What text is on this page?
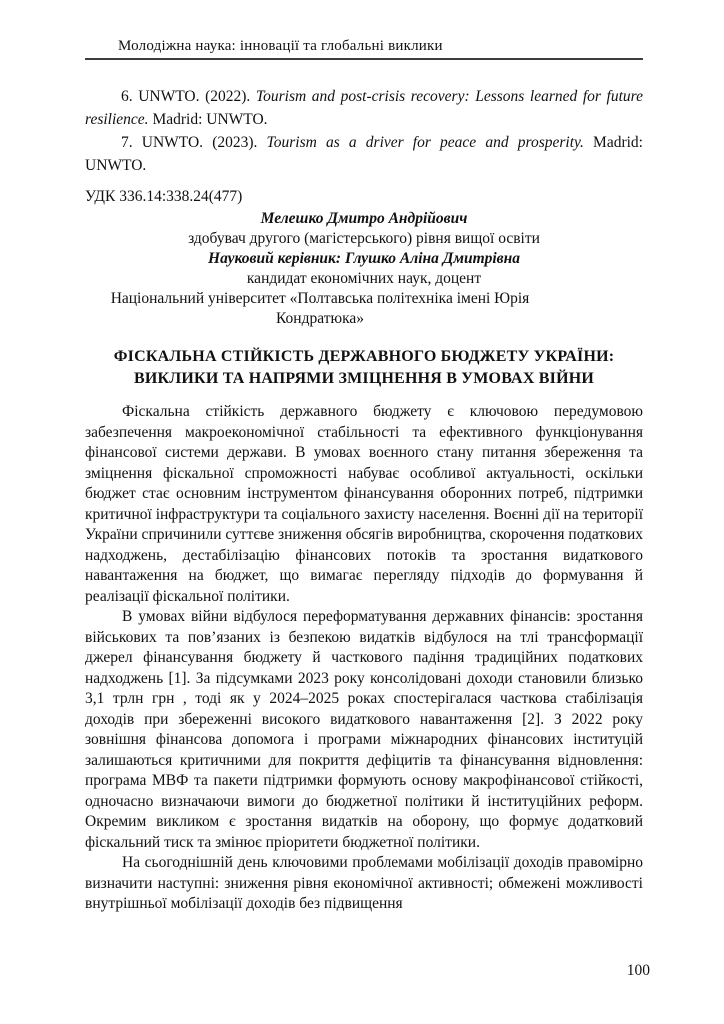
Молодіжна наука: інновації та глобальні виклики

6. UNWTO. (2022). Tourism and post-crisis recovery: Lessons learned for future resilience. Madrid: UNWTO.

7. UNWTO. (2023). Tourism as a driver for peace and prosperity. Madrid: UNWTO.

УДК 336.14:338.24(477)

Мелешко Дмитро Андрійович

здобувач другого (магістерського) рівня вищої освіти

Науковий керівник: Глушко Аліна Дмитрівна

кандидат економічних наук, доцент

Національний університет «Полтавська політехніка імені Юрія Кондратюка»

ФІСКАЛЬНА СТІЙКІСТЬ ДЕРЖАВНОГО БЮДЖЕТУ УКРАЇНИ: ВИКЛИКИ ТА НАПРЯМИ ЗМІЦНЕННЯ В УМОВАХ ВІЙНИ

Фіскальна стійкість державного бюджету є ключовою передумовою забезпечення макроекономічної стабільності та ефективного функціонування фінансової системи держави. В умовах воєнного стану питання збереження та зміцнення фіскальної спроможності набуває особливої актуальності, оскільки бюджет стає основним інструментом фінансування оборонних потреб, підтримки критичної інфраструктури та соціального захисту населення. Воєнні дії на території України спричинили суттєве зниження обсягів виробництва, скорочення податкових надходжень, дестабілізацію фінансових потоків та зростання видаткового навантаження на бюджет, що вимагає перегляду підходів до формування й реалізації фіскальної політики.

В умовах війни відбулося переформатування державних фінансів: зростання військових та пов’язаних із безпекою видатків відбулося на тлі трансформації джерел фінансування бюджету й часткового падіння традиційних податкових надходжень [1]. За підсумками 2023 року консолідовані доходи становили близько 3,1 трлн грн , тоді як у 2024–2025 роках спостерігалася часткова стабілізація доходів при збереженні високого видаткового навантаження [2]. З 2022 року зовнішня фінансова допомога і програми міжнародних фінансових інституцій залишаються критичними для покриття дефіцитів та фінансування відновлення: програма МВФ та пакети підтримки формують основу макрофінансової стійкості, одночасно визначаючи вимоги до бюджетної політики й інституційних реформ. Окремим викликом є зростання видатків на оборону, що формує додатковий фіскальний тиск та змінює пріоритети бюджетної політики.

На сьогоднішній день ключовими проблемами мобілізації доходів правомірно визначити наступні: зниження рівня економічної активності; обмежені можливості внутрішньої мобілізації доходів без підвищення

100
